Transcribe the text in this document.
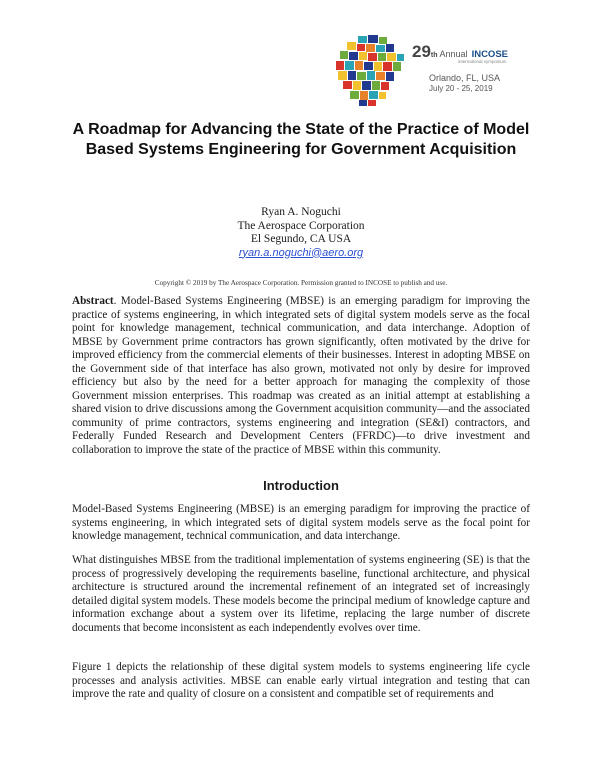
29 th Annual INCOSE
international symposium
Orlando, FL, USA
July 20 - 25, 2019
A Roadmap for Advancing the State of the Practice of Model Based Systems Engineering for Government Acquisition
Ryan A. Noguchi
The Aerospace Corporation
El Segundo, CA USA
ryan.a.noguchi@aero.org
Copyright © 2019 by The Aerospace Corporation. Permission granted to INCOSE to publish and use.

Abstract. Model-Based Systems Engineering (MBSE) is an emerging paradigm for improving the practice of systems engineering, in which integrated sets of digital system models serve as the focal point for knowledge management, technical communication, and data interchange. Adoption of MBSE by Government prime contractors has grown significantly, often motivated by the drive for improved efficiency from the commercial elements of their businesses. Interest in adopting MBSE on the Government side of that interface has also grown, motivated not only by desire for improved efficiency but also by the need for a better approach for managing the complexity of those Government mission enterprises. This roadmap was created as an initial attempt at establishing a shared vision to drive discussions among the Government acquisition community—and the associated community of prime contractors, systems engineering and integration (SE&I) contractors, and Federally Funded Research and Development Centers (FFRDC)—to drive investment and collaboration to improve the state of the practice of MBSE within this community.

Introduction

Model-Based Systems Engineering (MBSE) is an emerging paradigm for improving the practice of systems engineering, in which integrated sets of digital system models serve as the focal point for knowledge management, technical communication, and data interchange.

What distinguishes MBSE from the traditional implementation of systems engineering (SE) is that the process of progressively developing the requirements baseline, functional architecture, and physical architecture is structured around the incremental refinement of an integrated set of increasingly detailed digital system models. These models become the principal medium of knowledge capture and information exchange about a system over its lifetime, replacing the large number of discrete documents that become inconsistent as each independently evolves over time.

Figure 1 depicts the relationship of these digital system models to systems engineering life cycle processes and analysis activities. MBSE can enable early virtual integration and testing that can improve the rate and quality of closure on a consistent and compatible set of requirements and
